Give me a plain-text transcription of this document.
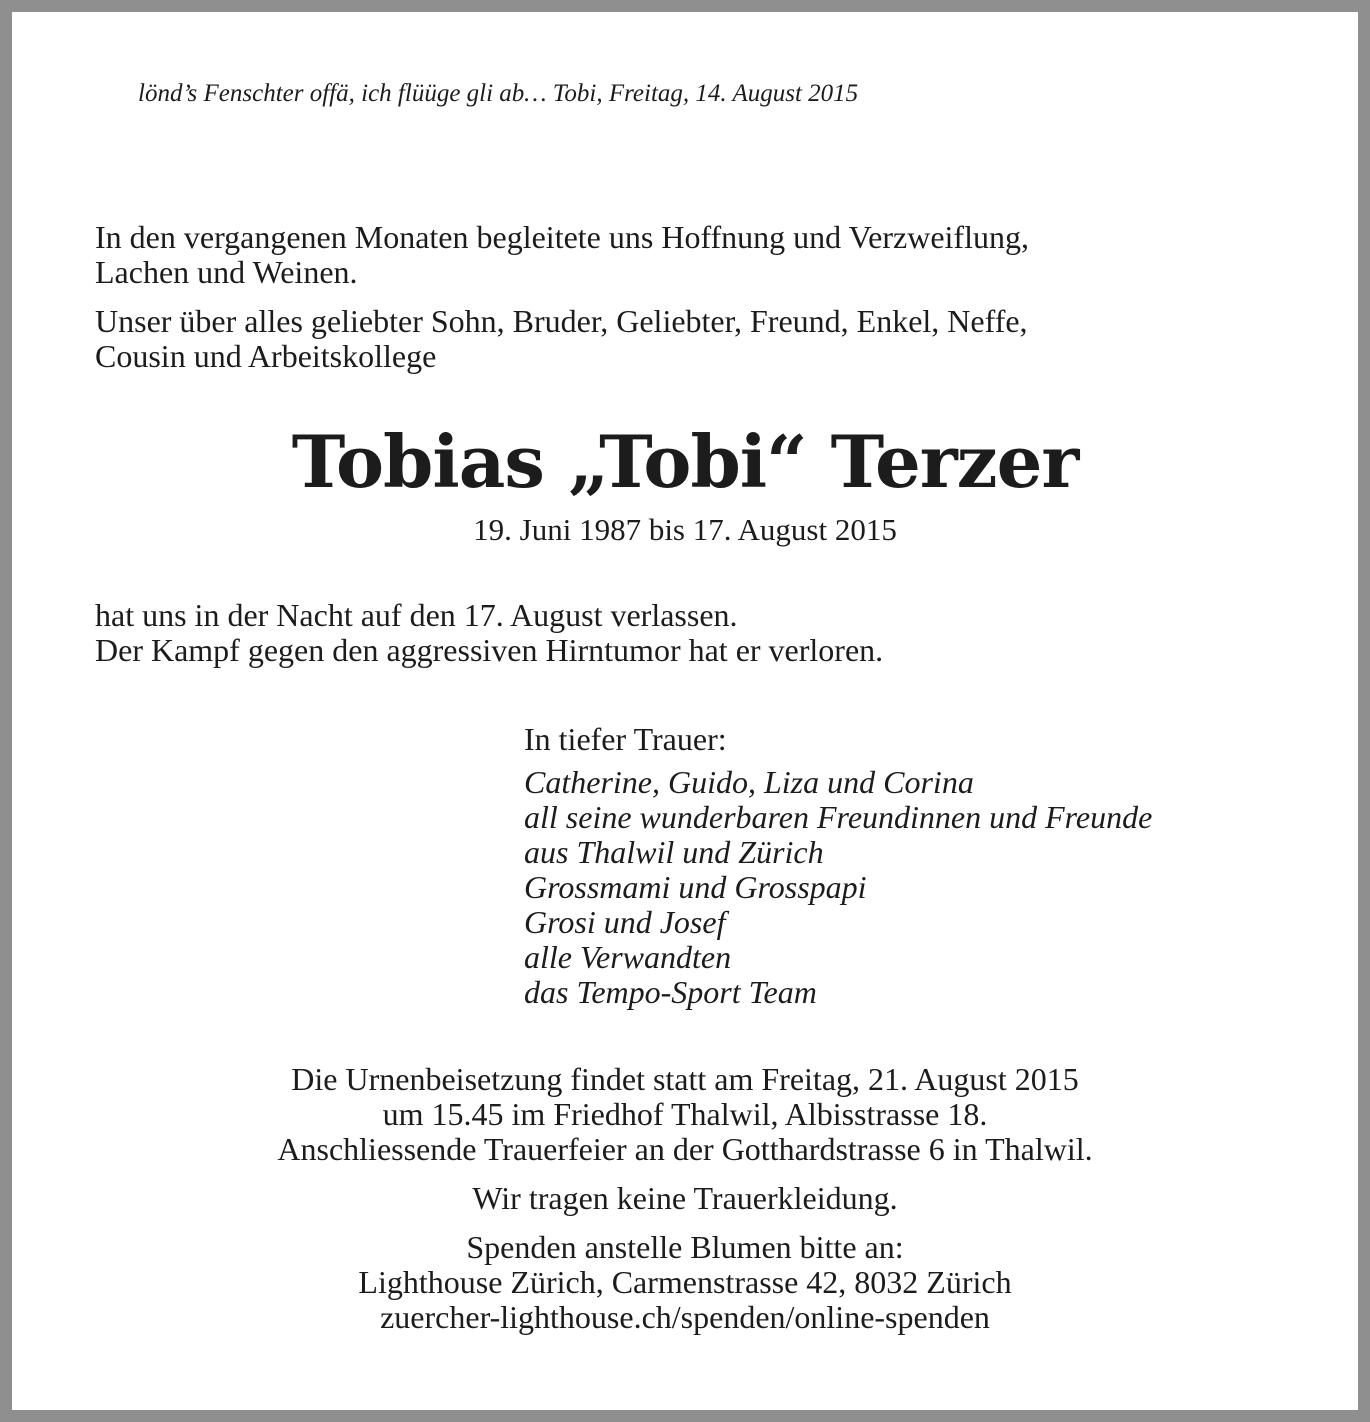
lönd’s Fenschter offä, ich flüüge gli ab… Tobi, Freitag, 14. August 2015

In den vergangenen Monaten begleitete uns Hoffnung und Verzweiflung,
Lachen und Weinen.

Unser über alles geliebter Sohn, Bruder, Geliebter, Freund, Enkel, Neffe,
Cousin und Arbeitskollege

Tobias „Tobi“ Terzer
19. Juni 1987 bis 17. August 2015
hat uns in der Nacht auf den 17. August verlassen.
Der Kampf gegen den aggressiven Hirntumor hat er verloren.
In tiefer Trauer:
Catherine, Guido, Liza und Corina
all seine wunderbaren Freundinnen und Freunde
aus Thalwil und Zürich
Grossmami und Grosspapi
Grosi und Josef
alle Verwandten
das Tempo-Sport Team
Die Urnenbeisetzung findet statt am Freitag, 21. August 2015
um 15.45 im Friedhof Thalwil, Albisstrasse 18.
Anschliessende Trauerfeier an der Gotthardstrasse 6 in Thalwil.
Wir tragen keine Trauerkleidung.
Spenden anstelle Blumen bitte an:
Lighthouse Zürich, Carmenstrasse 42, 8032 Zürich
zuercher-lighthouse.ch/spenden/online-spenden
